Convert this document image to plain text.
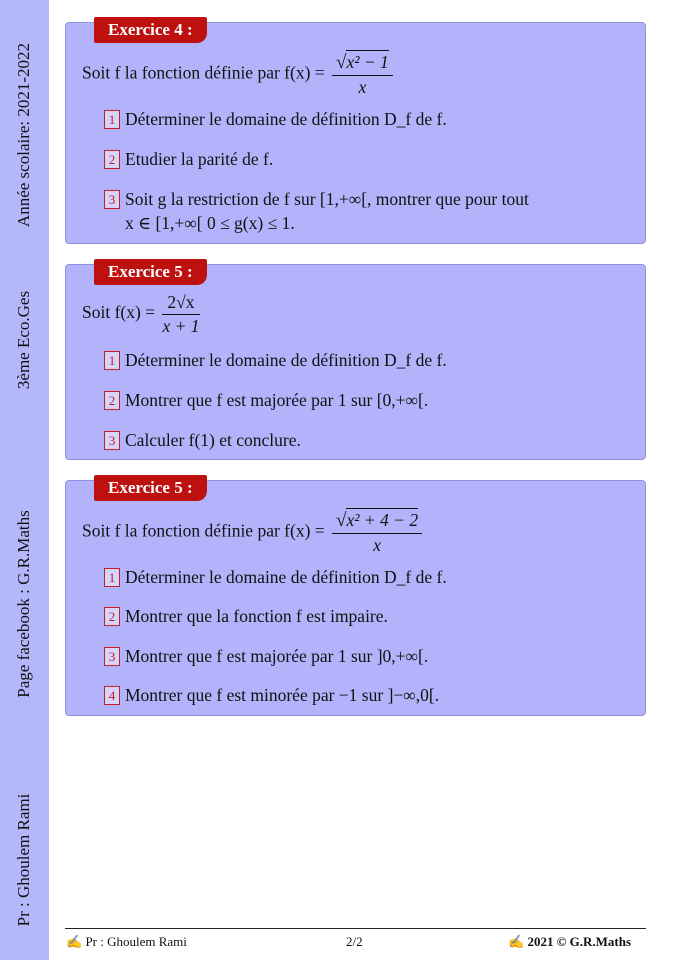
Année scolaire: 2021-2022
3ème Eco.Ges
Page facebook : G.R.Maths
Pr : Ghoulem Rami
Exercice 4 :
Soit f la fonction définie par $f(x) = \frac{\text{√x² − 1}}{x}$
1 Déterminer le domaine de définition D_f de f.
2 Etudier la parité de f.
3 Soit g la restriction de f sur [1,+∞[, montrer que pour tout
x ∈ [1,+∞[ 0 ≤ g(x) ≤ 1.
Exercice 5 :
Soit $f(x) = \frac{2√x}{x + 1}$
1 Déterminer le domaine de définition D_f de f.
2 Montrer que f est majorée par 1 sur [0,+∞[.
3 Calculer f(1) et conclure.
Exercice 5 :
Soit f la fonction définie par $f(x) = \frac{\text{√x² + 4 − 2}}{x}$
1 Déterminer le domaine de définition D_f de f.
2 Montrer que la fonction f est impaire.
3 Montrer que f est majorée par 1 sur ]0,+∞[.
4 Montrer que f est minorée par −1 sur ]−∞,0[.
✍ Pr : Ghoulem Rami	2/2	✍ 2021 © G.R.Maths
